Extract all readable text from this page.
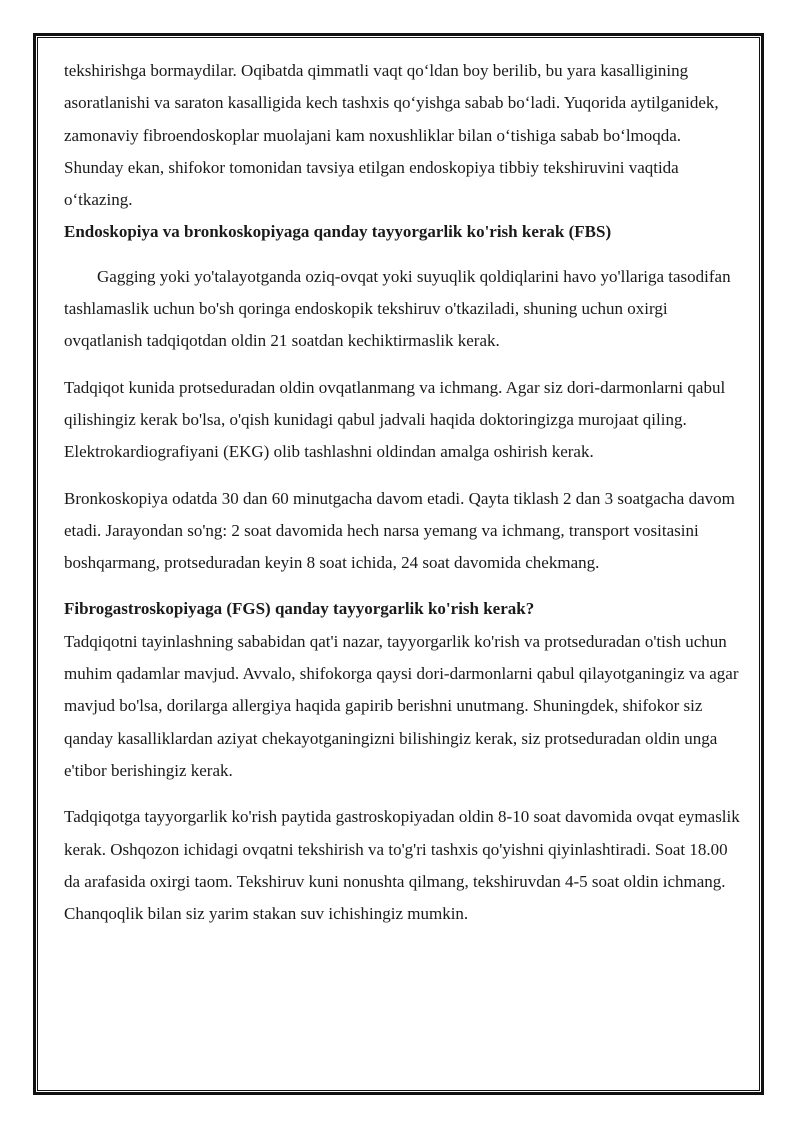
tekshirishga bormaydilar. Oqibatda qimmatli vaqt qo‘ldan boy berilib, bu yara kasalligining asoratlanishi va saraton kasalligida kech tashxis qo‘yishga sabab bo‘ladi. Yuqorida aytilganidek, zamonaviy fibroendoskoplar muolajani kam noxushliklar bilan o‘tishiga sabab bo‘lmoqda. Shunday ekan, shifokor tomonidan tavsiya etilgan endoskopiya tibbiy tekshiruvini vaqtida o‘tkazing.

Endoskopiya va bronkoskopiyaga qanday tayyorgarlik ko'rish kerak (FBS)

Gagging yoki yo'talayotganda oziq-ovqat yoki suyuqlik qoldiqlarini havo yo'llariga tasodifan tashlamaslik uchun bo'sh qoringa endoskopik tekshiruv o'tkaziladi, shuning uchun oxirgi ovqatlanish tadqiqotdan oldin 21 soatdan kechiktirmaslik kerak.

Tadqiqot kunida protseduradan oldin ovqatlanmang va ichmang. Agar siz dori-darmonlarni qabul qilishingiz kerak bo'lsa, o'qish kunidagi qabul jadvali haqida doktoringizga murojaat qiling. Elektrokardiografiyani (EKG) olib tashlashni oldindan amalga oshirish kerak.

Bronkoskopiya odatda 30 dan 60 minutgacha davom etadi. Qayta tiklash 2 dan 3 soatgacha davom etadi. Jarayondan so'ng: 2 soat davomida hech narsa yemang va ichmang, transport vositasini boshqarmang, protseduradan keyin 8 soat ichida, 24 soat davomida chekmang.

Fibrogastroskopiyaga (FGS) qanday tayyorgarlik ko'rish kerak?

Tadqiqotni tayinlashning sababidan qat'i nazar, tayyorgarlik ko'rish va protseduradan o'tish uchun muhim qadamlar mavjud. Avvalo, shifokorga qaysi dori-darmonlarni qabul qilayotganingiz va agar mavjud bo'lsa, dorilarga allergiya haqida gapirib berishni unutmang. Shuningdek, shifokor siz qanday kasalliklardan aziyat chekayotganingizni bilishingiz kerak, siz protseduradan oldin unga e'tibor berishingiz kerak.

Tadqiqotga tayyorgarlik ko'rish paytida gastroskopiyadan oldin 8-10 soat davomida ovqat eymaslik kerak. Oshqozon ichidagi ovqatni tekshirish va to'g'ri tashxis qo'yishni qiyinlashtiradi. Soat 18.00 da arafasida oxirgi taom. Tekshiruv kuni nonushta qilmang, tekshiruvdan 4-5 soat oldin ichmang. Chanqoqlik bilan siz yarim stakan suv ichishingiz mumkin.
